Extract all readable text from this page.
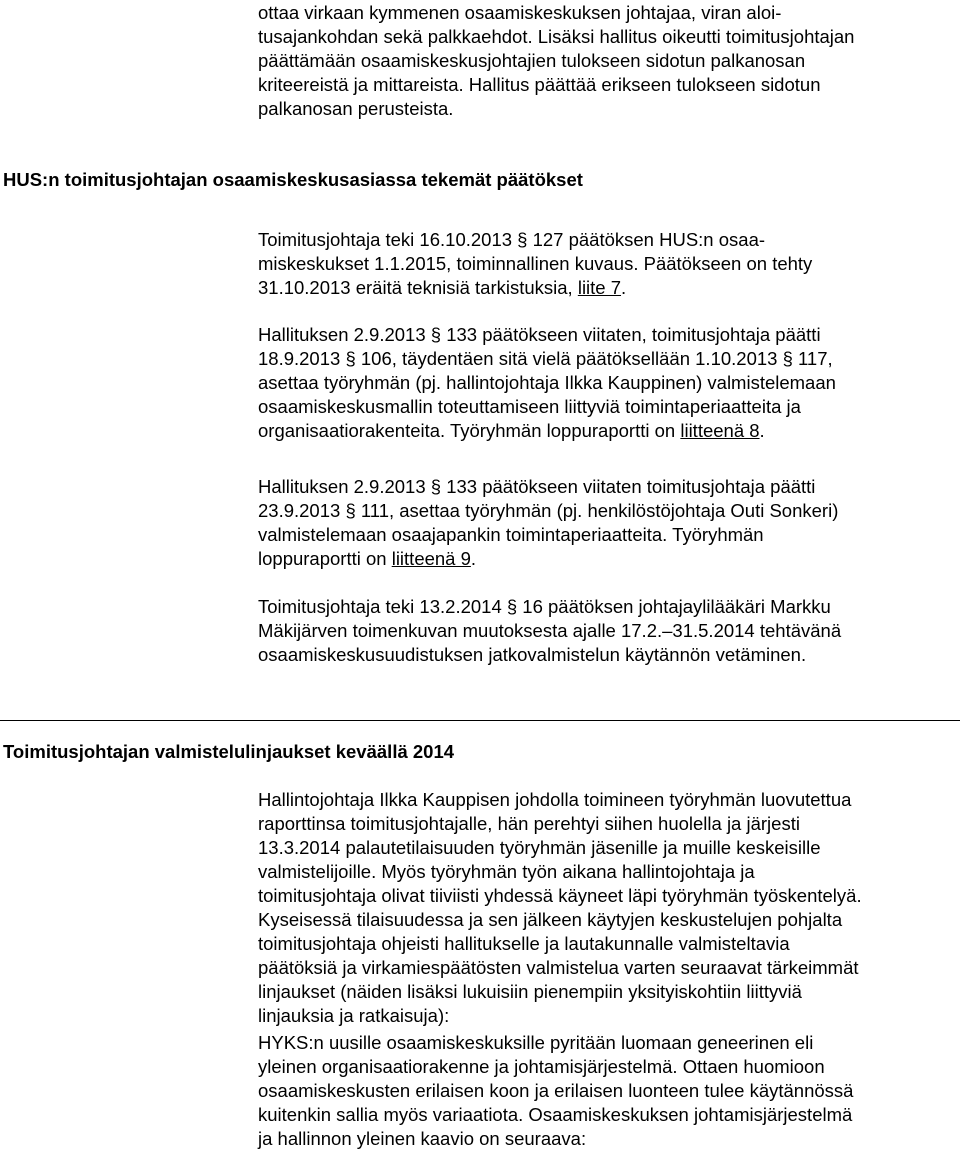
ottaa virkaan kymmenen osaamiskeskuksen johtajaa, viran aloi-
tusajankohdan sekä palkkaehdot. Lisäksi hallitus oikeutti toimitusjohtajan
päättämään osaamiskeskusjohtajien tulokseen sidotun palkanosan
kriteereistä ja mittareista. Hallitus päättää erikseen tulokseen sidotun
palkanosan perusteista.
HUS:n toimitusjohtajan osaamiskeskusasiassa tekemät päätökset
Toimitusjohtaja teki 16.10.2013 § 127 päätöksen HUS:n osaa-
miskeskukset 1.1.2015, toiminnallinen kuvaus. Päätökseen on tehty
31.10.2013 eräitä teknisiä tarkistuksia, liite 7.
Hallituksen 2.9.2013 § 133 päätökseen viitaten, toimitusjohtaja päätti
18.9.2013 § 106, täydentäen sitä vielä päätöksellään 1.10.2013 § 117,
asettaa työryhmän (pj. hallintojohtaja Ilkka Kauppinen) valmistelemaan
osaamiskeskusmallin toteuttamiseen liittyviä toimintaperiaatteita ja
organisaatiorakenteita. Työryhmän loppuraportti on liitteenä 8.
Hallituksen 2.9.2013 § 133 päätökseen viitaten toimitusjohtaja päätti
23.9.2013 § 111, asettaa työryhmän (pj. henkilöstöjohtaja Outi Sonkeri)
valmistelemaan osaajapankin toimintaperiaatteita. Työryhmän
loppuraportti on liitteenä 9.
Toimitusjohtaja teki 13.2.2014 § 16 päätöksen johtajaylilääkäri Markku
Mäkijärven toimenkuvan muutoksesta ajalle 17.2.–31.5.2014 tehtävänä
osaamiskeskusuudistuksen jatkovalmistelun käytännön vetäminen.
Toimitusjohtajan valmistelulinjaukset keväällä 2014
Hallintojohtaja Ilkka Kauppisen johdolla toimineen työryhmän luovutettua
raporttinsa toimitusjohtajalle, hän perehtyi siihen huolella ja järjesti
13.3.2014 palautetilaisuuden työryhmän jäsenille ja muille keskeisille
valmistelijoille. Myös työryhmän työn aikana hallintojohtaja ja
toimitusjohtaja olivat tiiviisti yhdessä käyneet läpi työryhmän työskentelyä.
Kyseisessä tilaisuudessa ja sen jälkeen käytyjen keskustelujen pohjalta
toimitusjohtaja ohjeisti hallitukselle ja lautakunnalle valmisteltavia
päätöksiä ja virkamiespäätösten valmistelua varten seuraavat tärkeimmät
linjaukset (näiden lisäksi lukuisiin pienempiin yksityiskohtiin liittyviä
linjauksia ja ratkaisuja):
HYKS:n uusille osaamiskeskuksille pyritään luomaan geneerinen eli
yleinen organisaatiorakenne ja johtamisjärjestelmä. Ottaen huomioon
osaamiskeskusten erilaisen koon ja erilaisen luonteen tulee käytännössä
kuitenkin sallia myös variaatiota. Osaamiskeskuksen johtamisjärjestelmä
ja hallinnon yleinen kaavio on seuraava:
